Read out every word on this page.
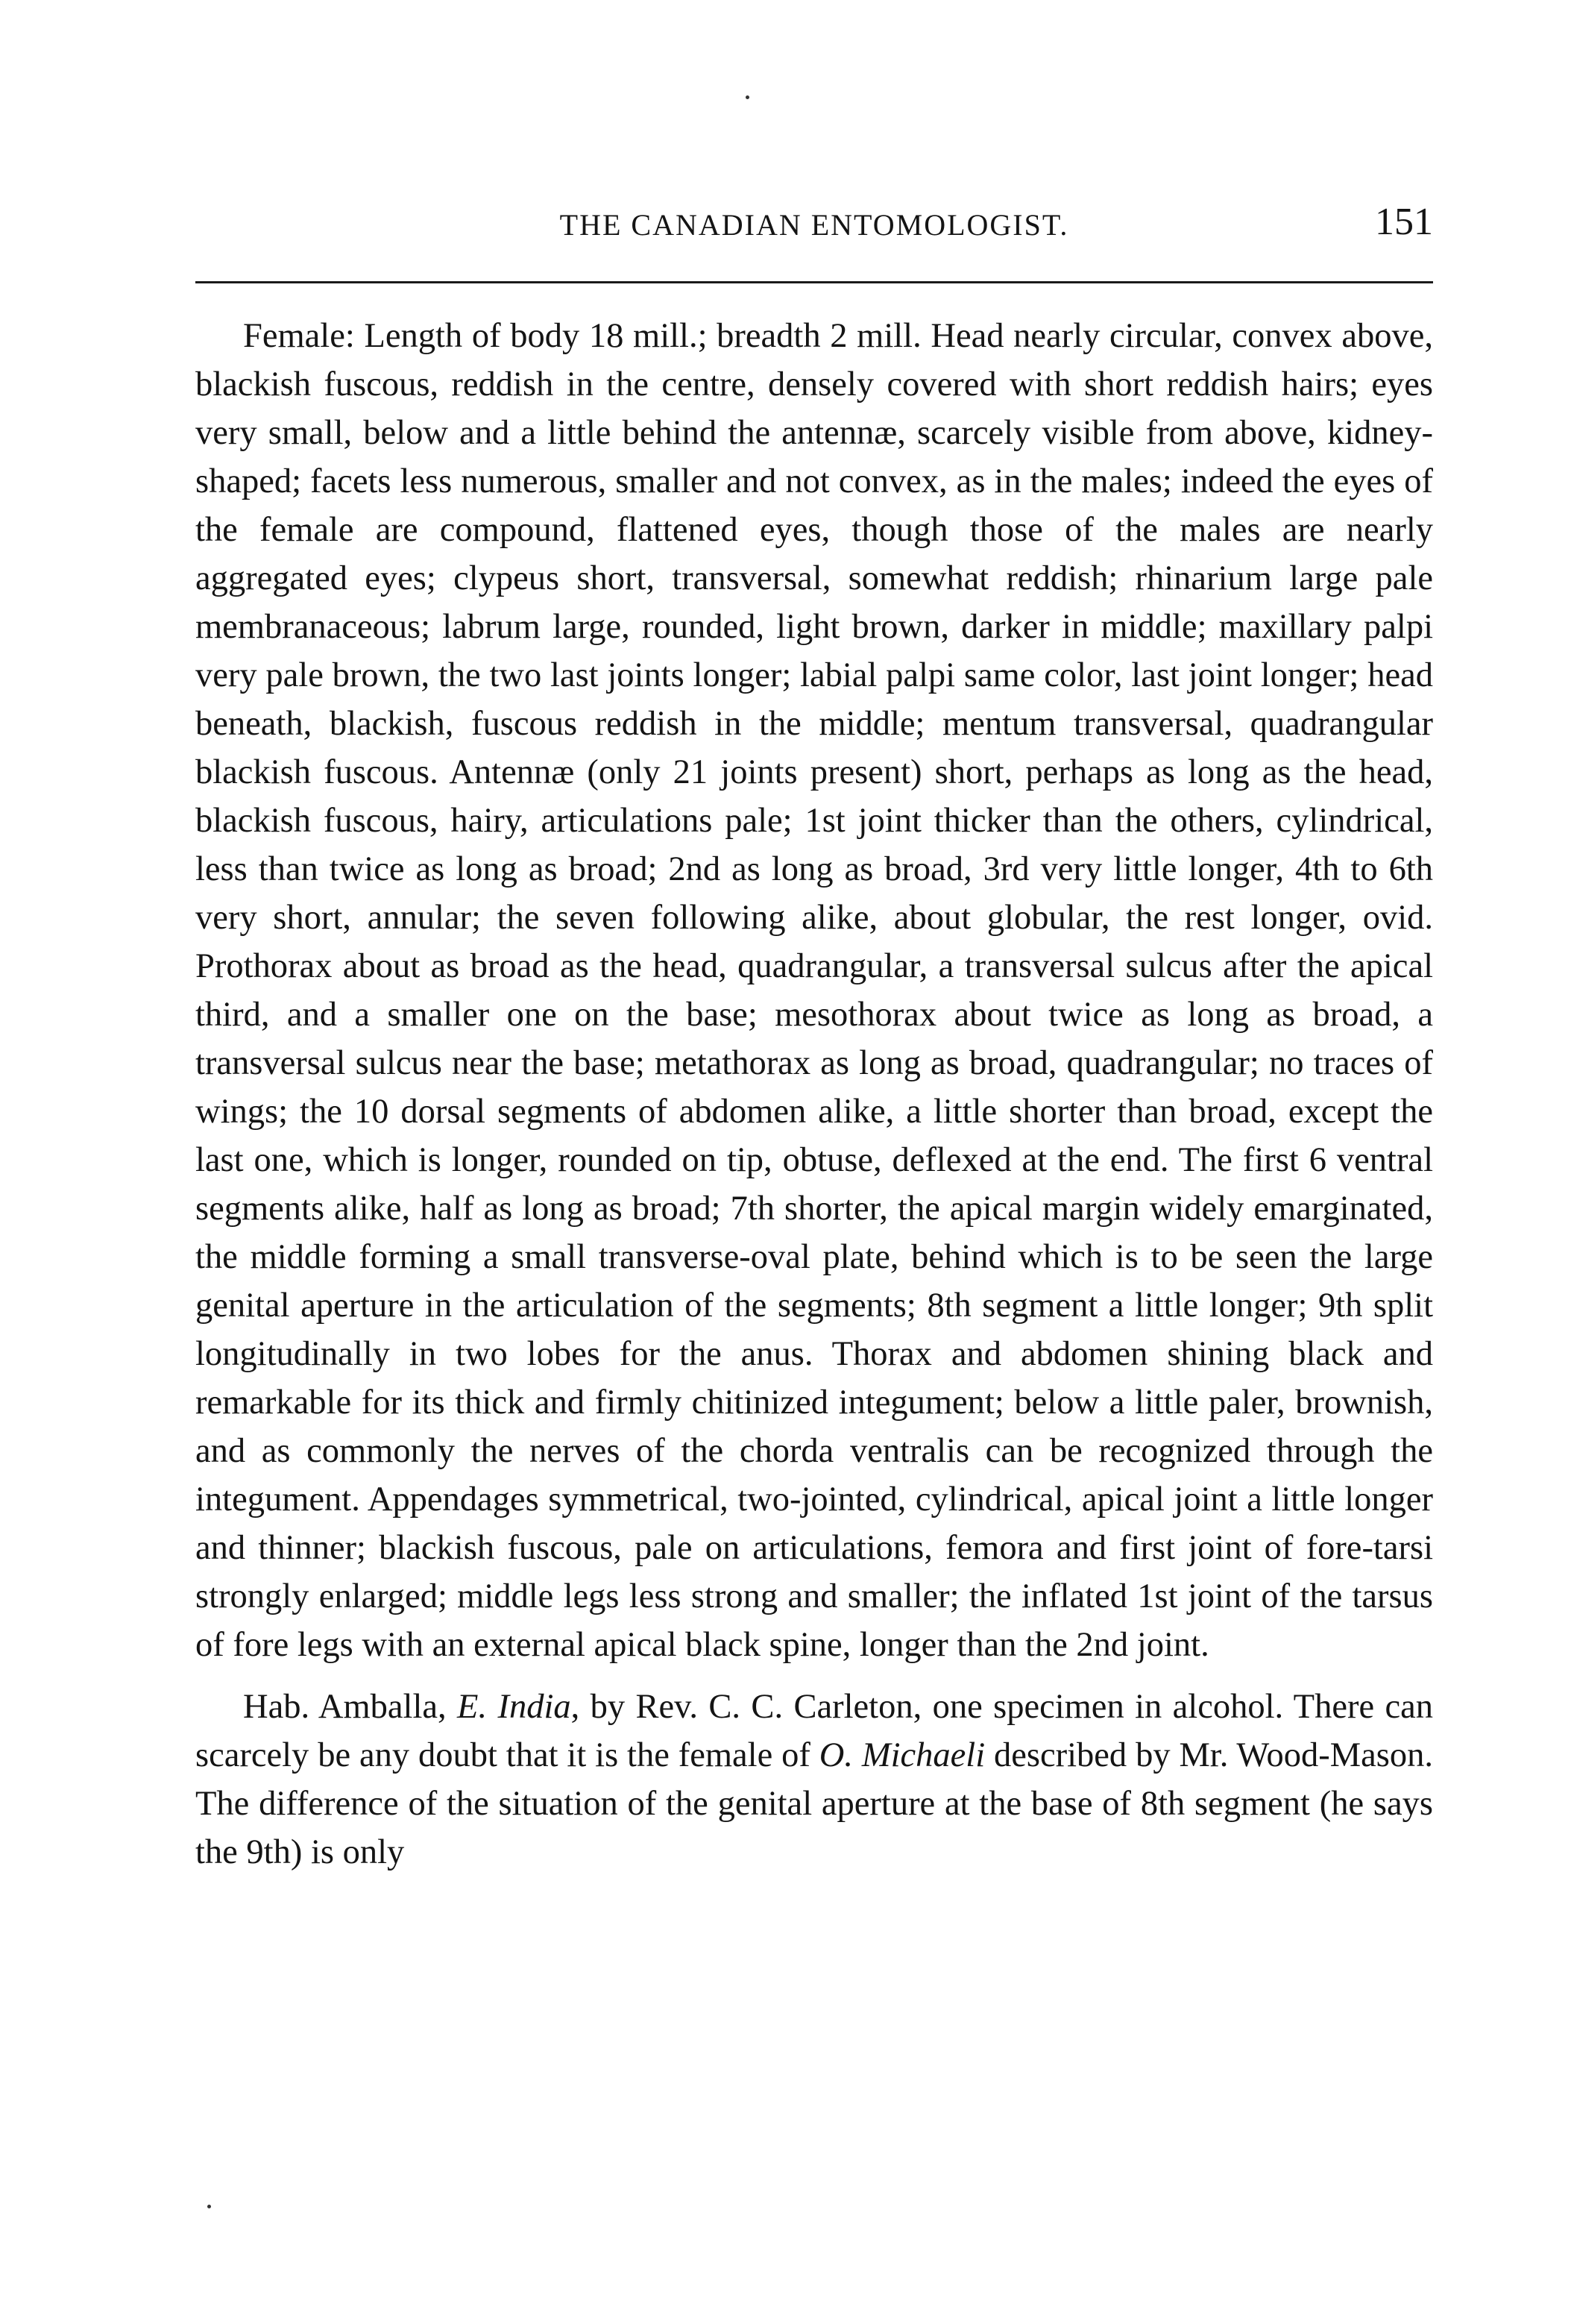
THE CANADIAN ENTOMOLOGIST.	151

Female: Length of body 18 mill.; breadth 2 mill. Head nearly circular, convex above, blackish fuscous, reddish in the centre, densely covered with short reddish hairs; eyes very small, below and a little behind the antennæ, scarcely visible from above, kidney-shaped; facets less numerous, smaller and not convex, as in the males; indeed the eyes of the female are compound, flattened eyes, though those of the males are nearly aggregated eyes; clypeus short, transversal, somewhat reddish; rhinarium large pale membranaceous; labrum large, rounded, light brown, darker in middle; maxillary palpi very pale brown, the two last joints longer; labial palpi same color, last joint longer; head beneath, blackish, fuscous reddish in the middle; mentum transversal, quadrangular blackish fuscous. Antennæ (only 21 joints present) short, perhaps as long as the head, blackish fuscous, hairy, articulations pale; 1st joint thicker than the others, cylindrical, less than twice as long as broad; 2nd as long as broad, 3rd very little longer, 4th to 6th very short, annular; the seven following alike, about globular, the rest longer, ovid. Prothorax about as broad as the head, quadrangular, a transversal sulcus after the apical third, and a smaller one on the base; mesothorax about twice as long as broad, a transversal sulcus near the base; metathorax as long as broad, quadrangular; no traces of wings; the 10 dorsal segments of abdomen alike, a little shorter than broad, except the last one, which is longer, rounded on tip, obtuse, deflexed at the end. The first 6 ventral segments alike, half as long as broad; 7th shorter, the apical margin widely emarginated, the middle forming a small transverse-oval plate, behind which is to be seen the large genital aperture in the articulation of the segments; 8th segment a little longer; 9th split longitudinally in two lobes for the anus. Thorax and abdomen shining black and remarkable for its thick and firmly chitinized integument; below a little paler, brownish, and as commonly the nerves of the chorda ventralis can be recognized through the integument. Appendages symmetrical, two-jointed, cylindrical, apical joint a little longer and thinner; blackish fuscous, pale on articulations, femora and first joint of fore-tarsi strongly enlarged; middle legs less strong and smaller; the inflated 1st joint of the tarsus of fore legs with an external apical black spine, longer than the 2nd joint.

Hab. Amballa, E. India, by Rev. C. C. Carleton, one specimen in alcohol. There can scarcely be any doubt that it is the female of O. Michaeli described by Mr. Wood-Mason. The difference of the situation of the genital aperture at the base of 8th segment (he says the 9th) is only
